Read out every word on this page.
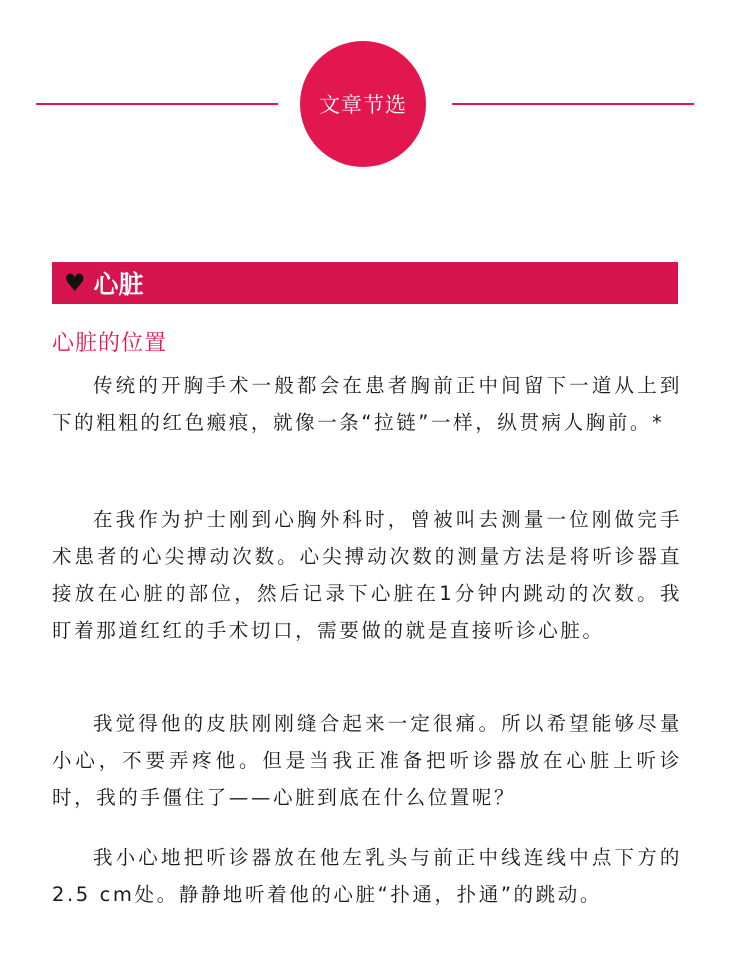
文章节选
♥ 心脏
心脏的位置

传统的开胸手术一般都会在患者胸前正中间留下一道从上到下的粗粗的红色瘢痕，就像一条“拉链”一样，纵贯病人胸前。*

在我作为护士刚到心胸外科时，曾被叫去测量一位刚做完手术患者的心尖搏动次数。心尖搏动次数的测量方法是将听诊器直接放在心脏的部位，然后记录下心脏在1分钟内跳动的次数。我盯着那道红红的手术切口，需要做的就是直接听诊心脏。

我觉得他的皮肤刚刚缝合起来一定很痛。所以希望能够尽量小心，不要弄疼他。但是当我正准备把听诊器放在心脏上听诊时，我的手僵住了——心脏到底在什么位置呢？

我小心地把听诊器放在他左乳头与前正中线连线中点下方的2.5 cm处。静静地听着他的心脏“扑通，扑通”的跳动。
